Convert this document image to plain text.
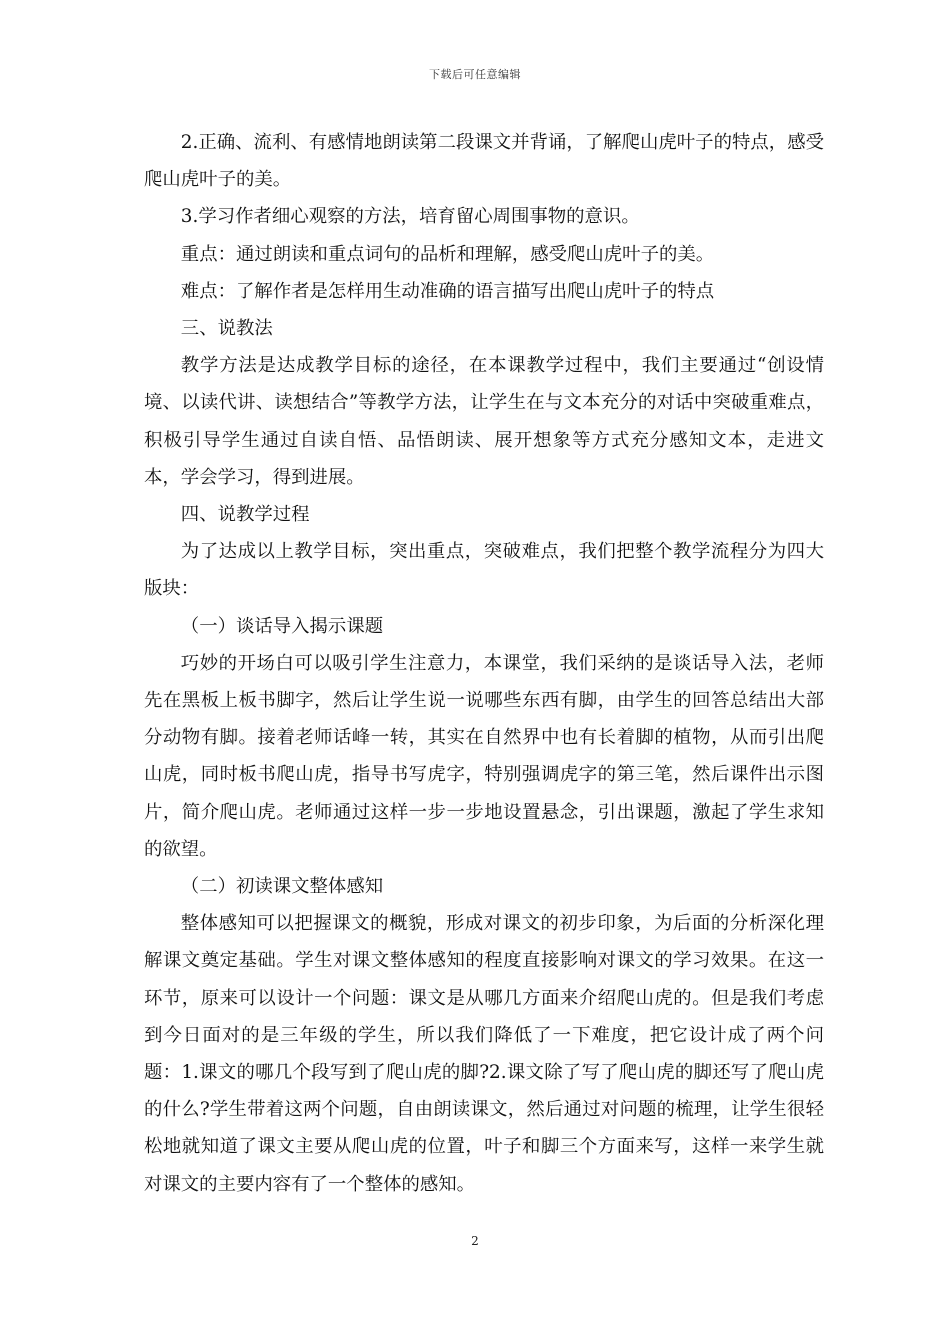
下载后可任意编辑

2.正确、流利、有感情地朗读第二段课文并背诵，了解爬山虎叶子的特点，感受爬山虎叶子的美。

3.学习作者细心观察的方法，培育留心周围事物的意识。

重点：通过朗读和重点词句的品析和理解，感受爬山虎叶子的美。

难点：了解作者是怎样用生动准确的语言描写出爬山虎叶子的特点

三、说教法

教学方法是达成教学目标的途径，在本课教学过程中，我们主要通过“创设情境、以读代讲、读想结合”等教学方法，让学生在与文本充分的对话中突破重难点，积极引导学生通过自读自悟、品悟朗读、展开想象等方式充分感知文本，走进文本，学会学习，得到进展。

四、说教学过程

为了达成以上教学目标，突出重点，突破难点，我们把整个教学流程分为四大版块：

（一）谈话导入揭示课题

巧妙的开场白可以吸引学生注意力，本课堂，我们采纳的是谈话导入法，老师先在黑板上板书脚字，然后让学生说一说哪些东西有脚，由学生的回答总结出大部分动物有脚。接着老师话峰一转，其实在自然界中也有长着脚的植物，从而引出爬山虎，同时板书爬山虎，指导书写虎字，特别强调虎字的第三笔，然后课件出示图片，简介爬山虎。老师通过这样一步一步地设置悬念，引出课题，激起了学生求知的欲望。

（二）初读课文整体感知

整体感知可以把握课文的概貌，形成对课文的初步印象，为后面的分析深化理解课文奠定基础。学生对课文整体感知的程度直接影响对课文的学习效果。在这一环节，原来可以设计一个问题：课文是从哪几方面来介绍爬山虎的。但是我们考虑到今日面对的是三年级的学生，所以我们降低了一下难度，把它设计成了两个问题：1.课文的哪几个段写到了爬山虎的脚?2.课文除了写了爬山虎的脚还写了爬山虎的什么?学生带着这两个问题，自由朗读课文，然后通过对问题的梳理，让学生很轻松地就知道了课文主要从爬山虎的位置，叶子和脚三个方面来写，这样一来学生就对课文的主要内容有了一个整体的感知。

2
